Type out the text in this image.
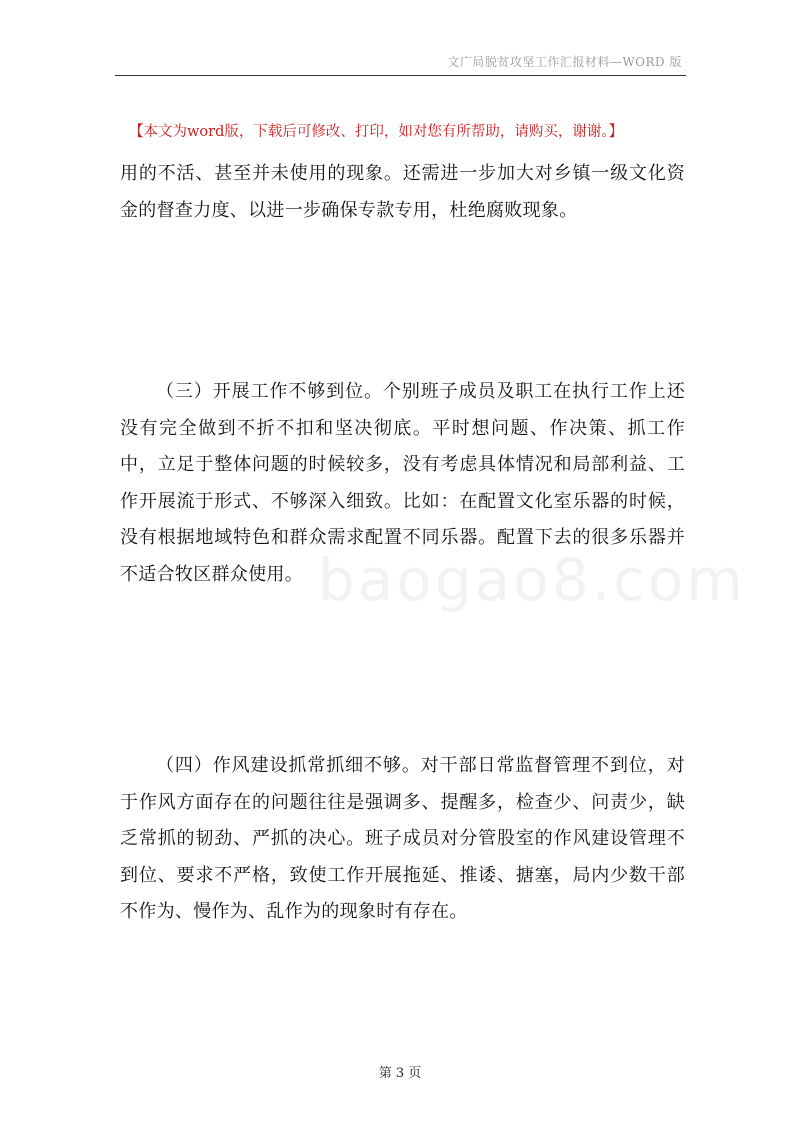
文广局脱贫攻坚工作汇报材料—WORD 版
【本文为word版，下载后可修改、打印，如对您有所帮助，请购买，谢谢。】

用的不活、甚至并未使用的现象。还需进一步加大对乡镇一级文化资金的督查力度、以进一步确保专款专用，杜绝腐败现象。

（三）开展工作不够到位。个别班子成员及职工在执行工作上还没有完全做到不折不扣和坚决彻底。平时想问题、作决策、抓工作中，立足于整体问题的时候较多，没有考虑具体情况和局部利益、工作开展流于形式、不够深入细致。比如：在配置文化室乐器的时候，没有根据地域特色和群众需求配置不同乐器。配置下去的很多乐器并不适合牧区群众使用。 baogao8.com

（四）作风建设抓常抓细不够。对干部日常监督管理不到位，对于作风方面存在的问题往往是强调多、提醒多，检查少、问责少，缺乏常抓的韧劲、严抓的决心。班子成员对分管股室的作风建设管理不到位、要求不严格，致使工作开展拖延、推诿、搪塞，局内少数干部不作为、慢作为、乱作为的现象时有存在。

第 3 页
